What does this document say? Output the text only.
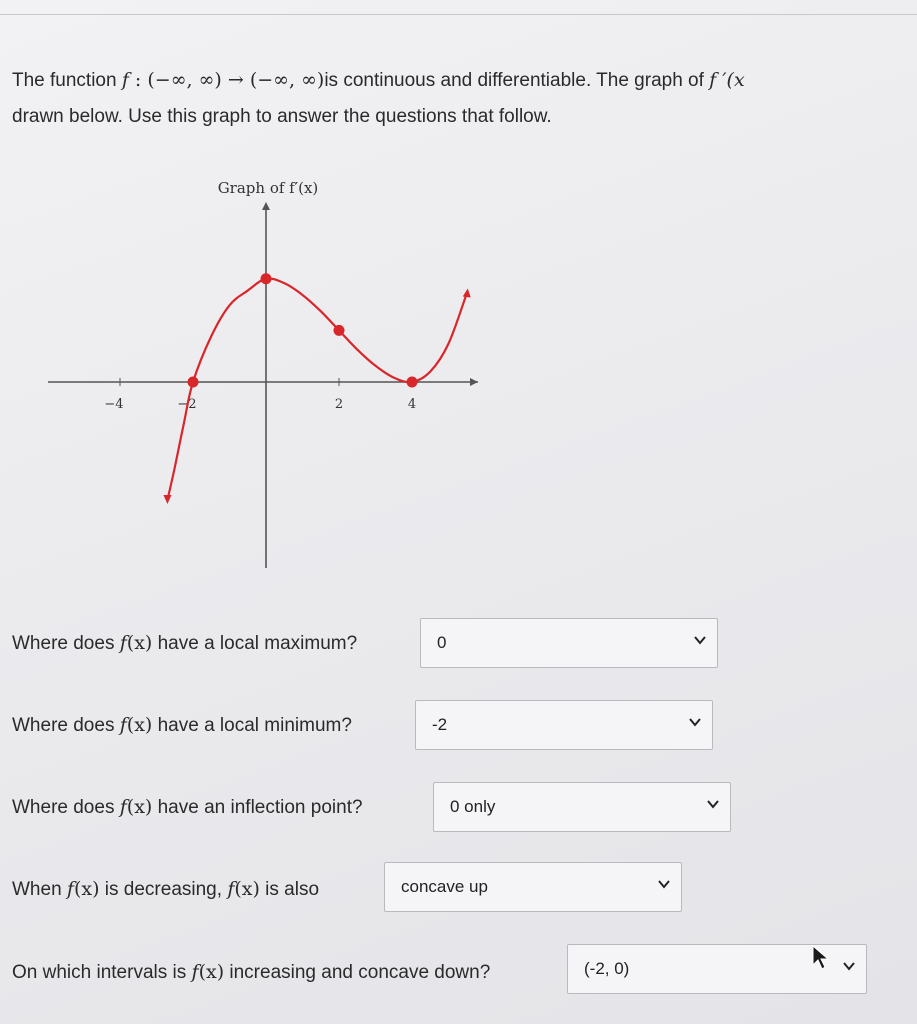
The function f : (−∞, ∞) → (−∞, ∞)is continuous and differentiable. The graph of f ′(x
drawn below. Use this graph to answer the questions that follow.
Graph of f′(x)
−4	−2	2	4
Where does f(x) have a local maximum?	0
Where does f(x) have a local minimum?	-2
Where does f(x) have an inflection point?	0 only
When f(x) is decreasing, f(x) is also	concave up
On which intervals is f(x) increasing and concave down?	(-2, 0)
